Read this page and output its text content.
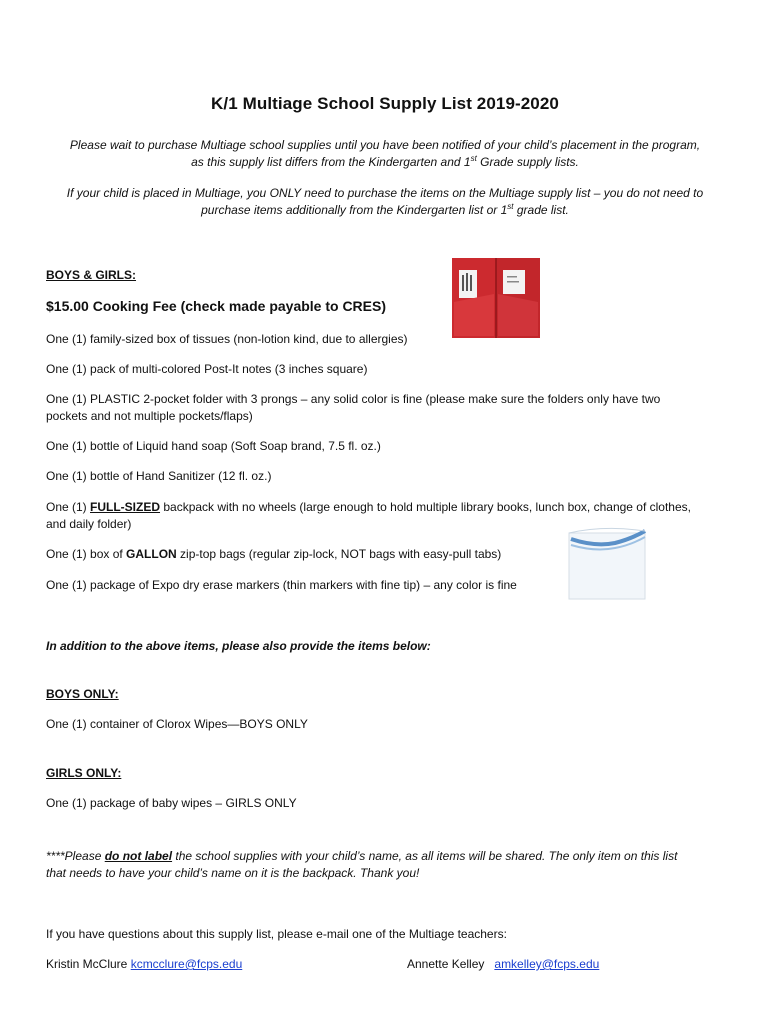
K/1 Multiage School Supply List 2019-2020
Please wait to purchase Multiage school supplies until you have been notified of your child’s placement in the program,
as this supply list differs from the Kindergarten and 1st Grade supply lists.
If your child is placed in Multiage, you ONLY need to purchase the items on the Multiage supply list – you do not need to
purchase items additionally from the Kindergarten list or 1st grade list.
BOYS & GIRLS:
$15.00 Cooking Fee (check made payable to CRES)
One (1) family-sized box of tissues (non-lotion kind, due to allergies)
One (1) pack of multi-colored Post-It notes (3 inches square)
One (1) PLASTIC 2-pocket folder with 3 prongs – any solid color is fine (please make sure the folders only have two
pockets and not multiple pockets/flaps)
One (1) bottle of Liquid hand soap (Soft Soap brand, 7.5 fl. oz.)
One (1) bottle of Hand Sanitizer (12 fl. oz.)
One (1) FULL-SIZED backpack with no wheels (large enough to hold multiple library books, lunch box, change of clothes,
and daily folder)
One (1) box of GALLON zip-top bags (regular zip-lock, NOT bags with easy-pull tabs)
One (1) package of Expo dry erase markers (thin markers with fine tip) – any color is fine
In addition to the above items, please also provide the items below:
BOYS ONLY:
One (1) container of Clorox Wipes—BOYS ONLY
GIRLS ONLY:
One (1) package of baby wipes – GIRLS ONLY
****Please do not label the school supplies with your child’s name, as all items will be shared. The only item on this list
that needs to have your child’s name on it is the backpack. Thank you!
If you have questions about this supply list, please e-mail one of the Multiage teachers:
Kristin McClure kcmcclure@fcps.edu	Annette Kelley   amkelley@fcps.edu
